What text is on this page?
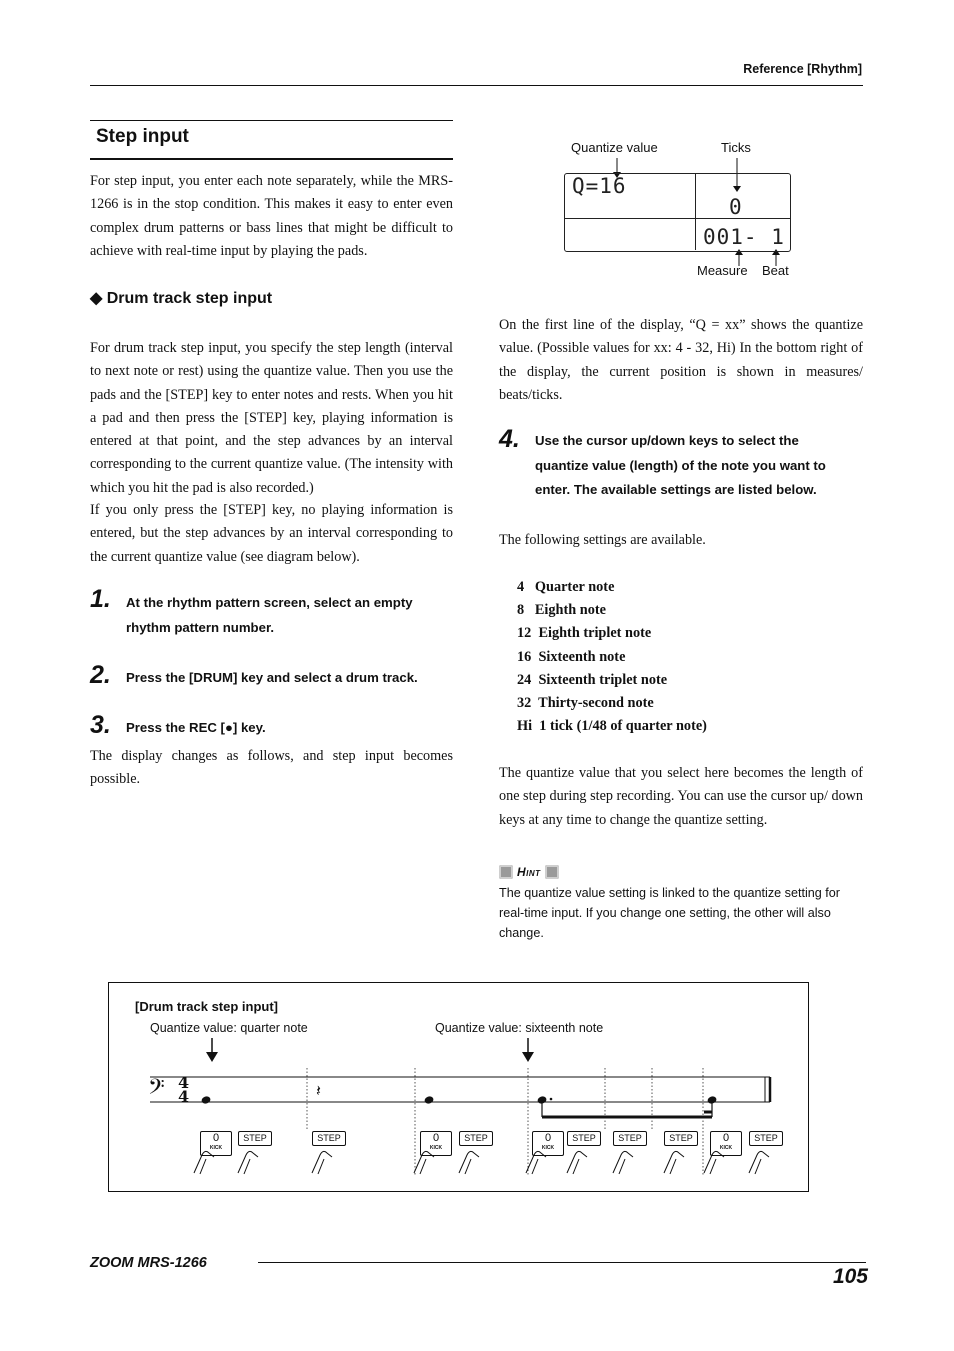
Reference [Rhythm]
Step input

For step input, you enter each note separately, while the MRS-1266 is in the stop condition. This makes it easy to enter even complex drum patterns or bass lines that might be difficult to achieve with real-time input by playing the pads.

◆ Drum track step input

For drum track step input, you specify the step length (interval to next note or rest) using the quantize value. Then you use the pads and the [STEP] key to enter notes and rests. When you hit a pad and then press the [STEP] key, playing information is entered at that point, and the step advances by an interval corresponding to the current quantize value. (The intensity with which you hit the pad is also recorded.)

If you only press the [STEP] key, no playing information is entered, but the step advances by an interval corresponding to the current quantize value (see diagram below).

1. At the rhythm pattern screen, select an empty rhythm pattern number.
2. Press the [DRUM] key and select a drum track.
3. Press the REC [●] key.

The display changes as follows, and step input becomes possible.

Quantize value	Ticks
Q=16
0
001- 1
Measure Beat

On the first line of the display, “Q = xx” shows the quantize value. (Possible values for xx: 4 - 32, Hi) In the bottom right of the display, the current position is shown in measures/ beats/ticks.

4. Use the cursor up/down keys to select the quantize value (length) of the note you want to enter. The available settings are listed below.

The following settings are available.

4   Quarter note
8   Eighth note
12  Eighth triplet note
16  Sixteenth note
24  Sixteenth triplet note
32  Thirty-second note
Hi  1 tick (1/48 of quarter note)

The quantize value that you select here becomes the length of one step during step recording. You can use the cursor up/ down keys at any time to change the quantize setting.

Hint

The quantize value setting is linked to the quantize setting for real-time input. If you change one setting, the other will also change.

[Drum track step input]
Quantize value: quarter note	Quantize value: sixteenth note
𝄢 4
4	𝄽
0
KICK
0
KICK
0
KICK
0
KICK
STEP	STEP	STEP	STEP	STEP	STEP	STEP
ZOOM MRS-1266
105
